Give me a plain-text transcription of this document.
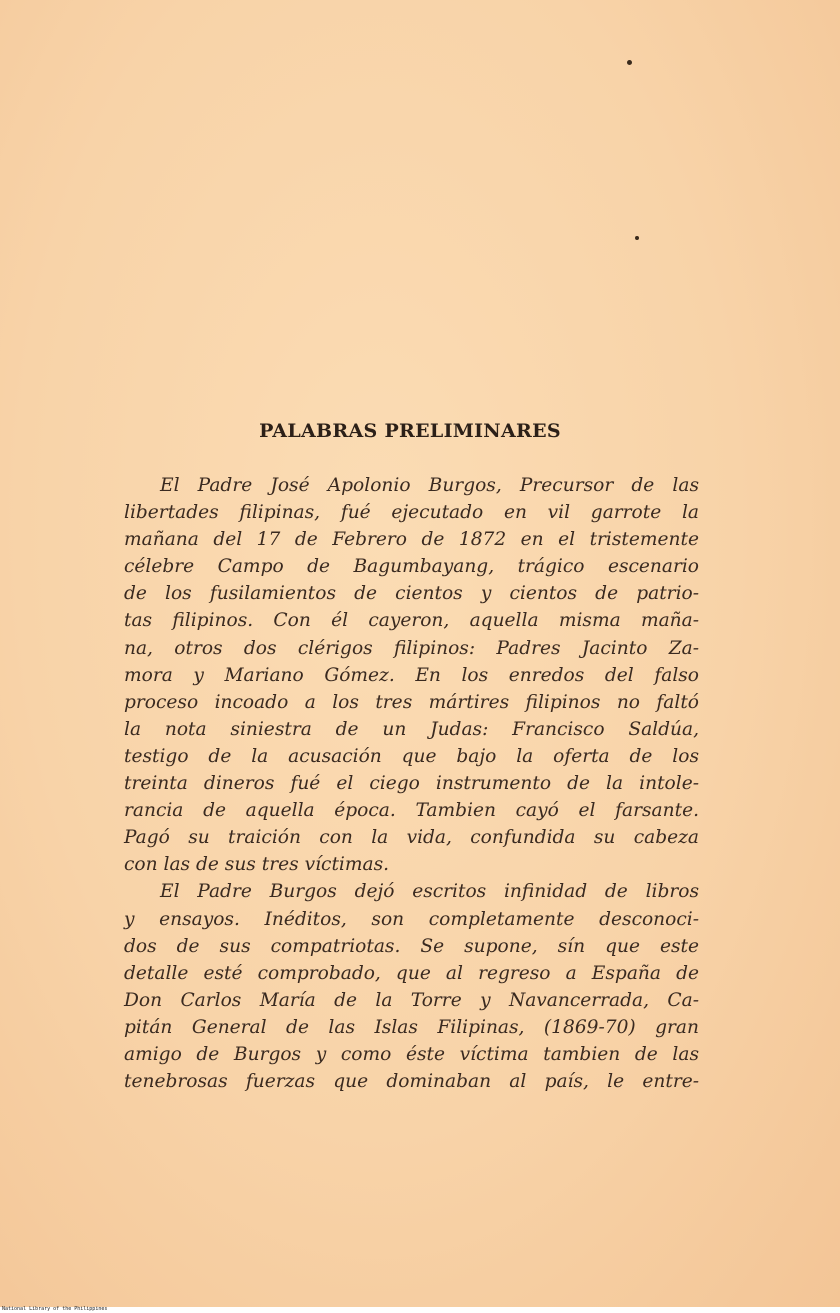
PALABRAS PRELIMINARES
El Padre José Apolonio Burgos, Precursor de las
libertades filipinas, fué ejecutado en vil garrote la
mañana del 17 de Febrero de 1872 en el tristemente
célebre Campo de Bagumbayang, trágico escenario
de los fusilamientos de cientos y cientos de patrio-
tas filipinos. Con él cayeron, aquella misma maña-
na, otros dos clérigos filipinos: Padres Jacinto Za-
mora y Mariano Gómez. En los enredos del falso
proceso incoado a los tres mártires filipinos no faltó
la nota siniestra de un Judas: Francisco Saldúa,
testigo de la acusación que bajo la oferta de los
treinta dineros fué el ciego instrumento de la intole-
rancia de aquella época. Tambien cayó el farsante.
Pagó su traición con la vida, confundida su cabeza
con las de sus tres víctimas.
El Padre Burgos dejó escritos infinidad de libros
y ensayos. Inéditos, son completamente desconoci-
dos de sus compatriotas. Se supone, sín que este
detalle esté comprobado, que al regreso a España de
Don Carlos María de la Torre y Navancerrada, Ca-
pitán General de las Islas Filipinas, (1869-70) gran
amigo de Burgos y como éste víctima tambien de las
tenebrosas fuerzas que dominaban al país, le entre-
National Library of the Philippines
